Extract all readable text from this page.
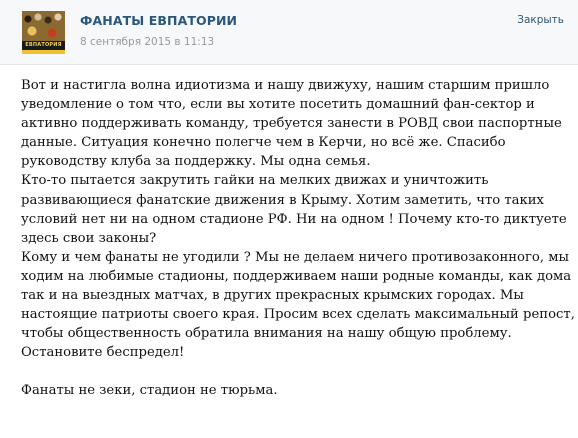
ЕВПАТОРИЯ
ФАНАТЫ ЕВПАТОРИИ
8 сентября 2015 в 11:13
Закрыть

Вот и настигла волна идиотизма и нашу движуху, нашим старшим пришло

уведомление о том что, если вы хотите посетить домашний фан-сектор и

активно поддерживать команду, требуется занести в РОВД свои паспортные

данные. Ситуация конечно полегче чем в Керчи, но всё же. Спасибо

руководству клуба за поддержку. Мы одна семья.

Кто-то пытается закрутить гайки на мелких движах и уничтожить

развивающиеся фанатские движения в Крыму. Хотим заметить, что таких

условий нет ни на одном стадионе РФ. Ни на одном ! Почему кто-то диктуете

здесь свои законы?

Кому и чем фанаты не угодили ? Мы не делаем ничего противозаконного, мы

ходим на любимые стадионы, поддерживаем наши родные команды, как дома

так и на выездных матчах, в других прекрасных крымских городах. Мы

настоящие патриоты своего края. Просим всех сделать максимальный репост,

чтобы общественность обратила внимания на нашу общую проблему.

Остановите беспредел!

Фанаты не зеки, стадион не тюрьма.
